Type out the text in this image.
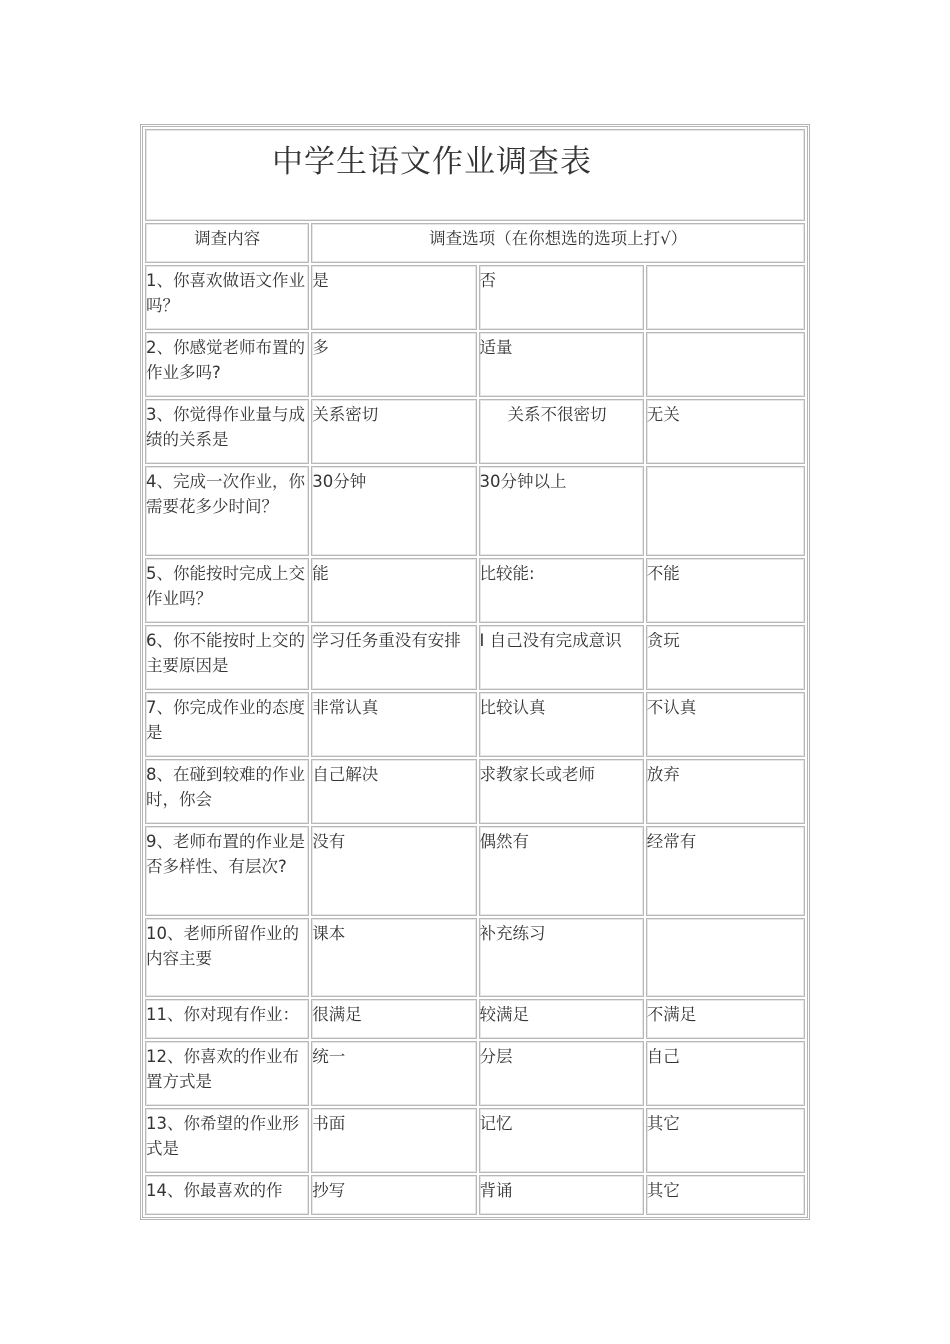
中学生语文作业调查表			

调查内容	调查选项（在你想选的选项上打√）		
1、你喜欢做语文作业吗？	是	否	
2、你感觉老师布置的作业多吗?	多	适量	
3、你觉得作业量与成绩的关系是	关系密切	关系不很密切	无关
4、完成一次作业，你需要花多少时间？	30分钟	30分钟以上	
5、你能按时完成上交作业吗？	能	比较能:	不能
6、你不能按时上交的主要原因是	学习任务重没有安排	I 自己没有完成意识	贪玩
7、你完成作业的态度是	非常认真	比较认真	不认真
8、在碰到较难的作业时，你会	自己解决	求教家长或老师	放弃
9、老师布置的作业是否多样性、有层次?	没有	偶然有	经常有
10、老师所留作业的内容主要	课本	补充练习	
11、你对现有作业：	很满足	较满足	不满足
12、你喜欢的作业布置方式是	统一	分层	自己
13、你希望的作业形式是	书面	记忆	其它
14、你最喜欢的作	抄写	背诵	其它
